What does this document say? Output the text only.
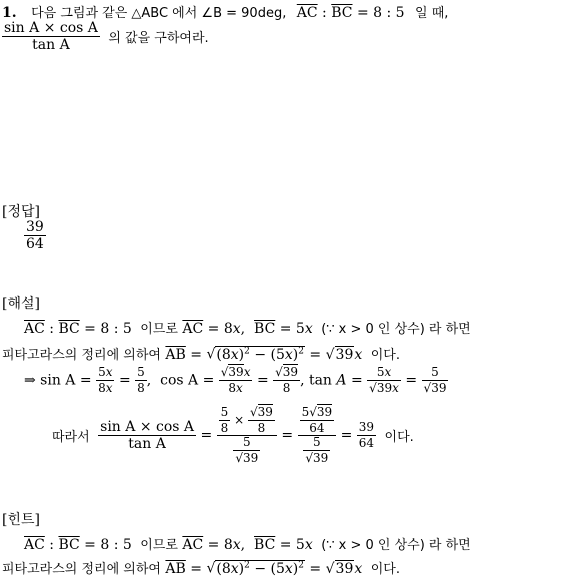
1. 다음 그림과 같은 △ABC 에서 ∠B = 90deg, $\overline{AC}$ : $\overline{BC} = 8$ : 5 일 때,
$\frac{\text{sin A × cos A}}{\text{tan A}}$ 의 값을 구하여라.
[정답]
$\frac{39}{64}$
[해설]
$\overline{AC}$ : $\overline{BC} = 8$ : 5 이므로 $\overline{AC} = 8x$,  $\overline{BC} = 5x$ (∵ x > 0 인 상수) 라 하면
피타고라스의 정리에 의하여 $\overline{AB} = √(8x)^2 - (5x)^2 = √39x$ 이다.
⇒ $\sin A = \frac{5x}{8x} = \frac{5}{8}$ ,  $\cos A = \frac{√39x}{8x} = \frac{√39}{8}$ , $\tan A = \frac{5x}{√39x} = \frac{5}{√39}$
따라서 $\frac{\text{sin A × cos A}}{\text{tan A}} = \frac{\frac{5}{8} \times \frac{√39}{8}}{\frac{5}{√39}} = \frac{\frac{5√39}{64}}{\frac{5}{√39}} = \frac{39}{64}$ 이다.
[힌트]
$\overline{AC}$ : $\overline{BC} = 8$ : 5 이므로 $\overline{AC} = 8x$,  $\overline{BC} = 5x$ (∵ x > 0 인 상수) 라 하면
피타고라스의 정리에 의하여 $\overline{AB} = √(8x)^2 - (5x)^2 = √39x$ 이다.
